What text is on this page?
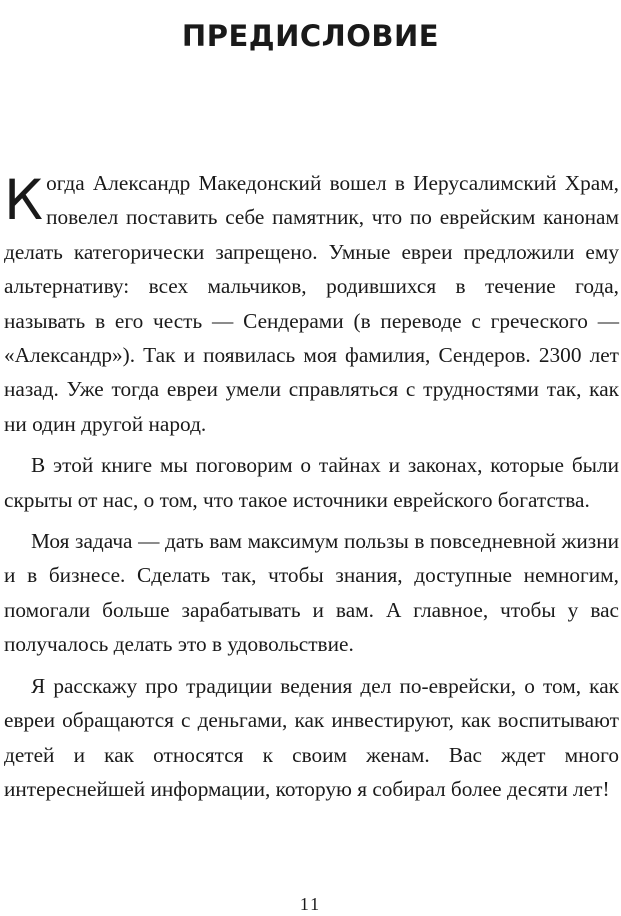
ПРЕДИСЛОВИЕ

Когда Александр Македонский вошел в Иерусалимский Храм, повелел поставить себе памятник, что по еврейским канонам делать категорически запрещено. Умные евреи предложили ему альтернативу: всех мальчиков, родившихся в течение года, называть в его честь — Сендерами (в переводе с греческого — «Александр»). Так и появилась моя фамилия, Сендеров. 2300 лет назад. Уже тогда евреи умели справляться с трудностями так, как ни один другой народ.

В этой книге мы поговорим о тайнах и законах, которые были скрыты от нас, о том, что такое источники еврейского богатства.

Моя задача — дать вам максимум пользы в повседневной жизни и в бизнесе. Сделать так, чтобы знания, доступные немногим, помогали больше зарабатывать и вам. А главное, чтобы у вас получалось делать это в удовольствие.

Я расскажу про традиции ведения дел по-еврейски, о том, как евреи обращаются с деньгами, как инвестируют, как воспитывают детей и как относятся к своим женам. Вас ждет много интереснейшей информации, которую я собирал более десяти лет!

11
